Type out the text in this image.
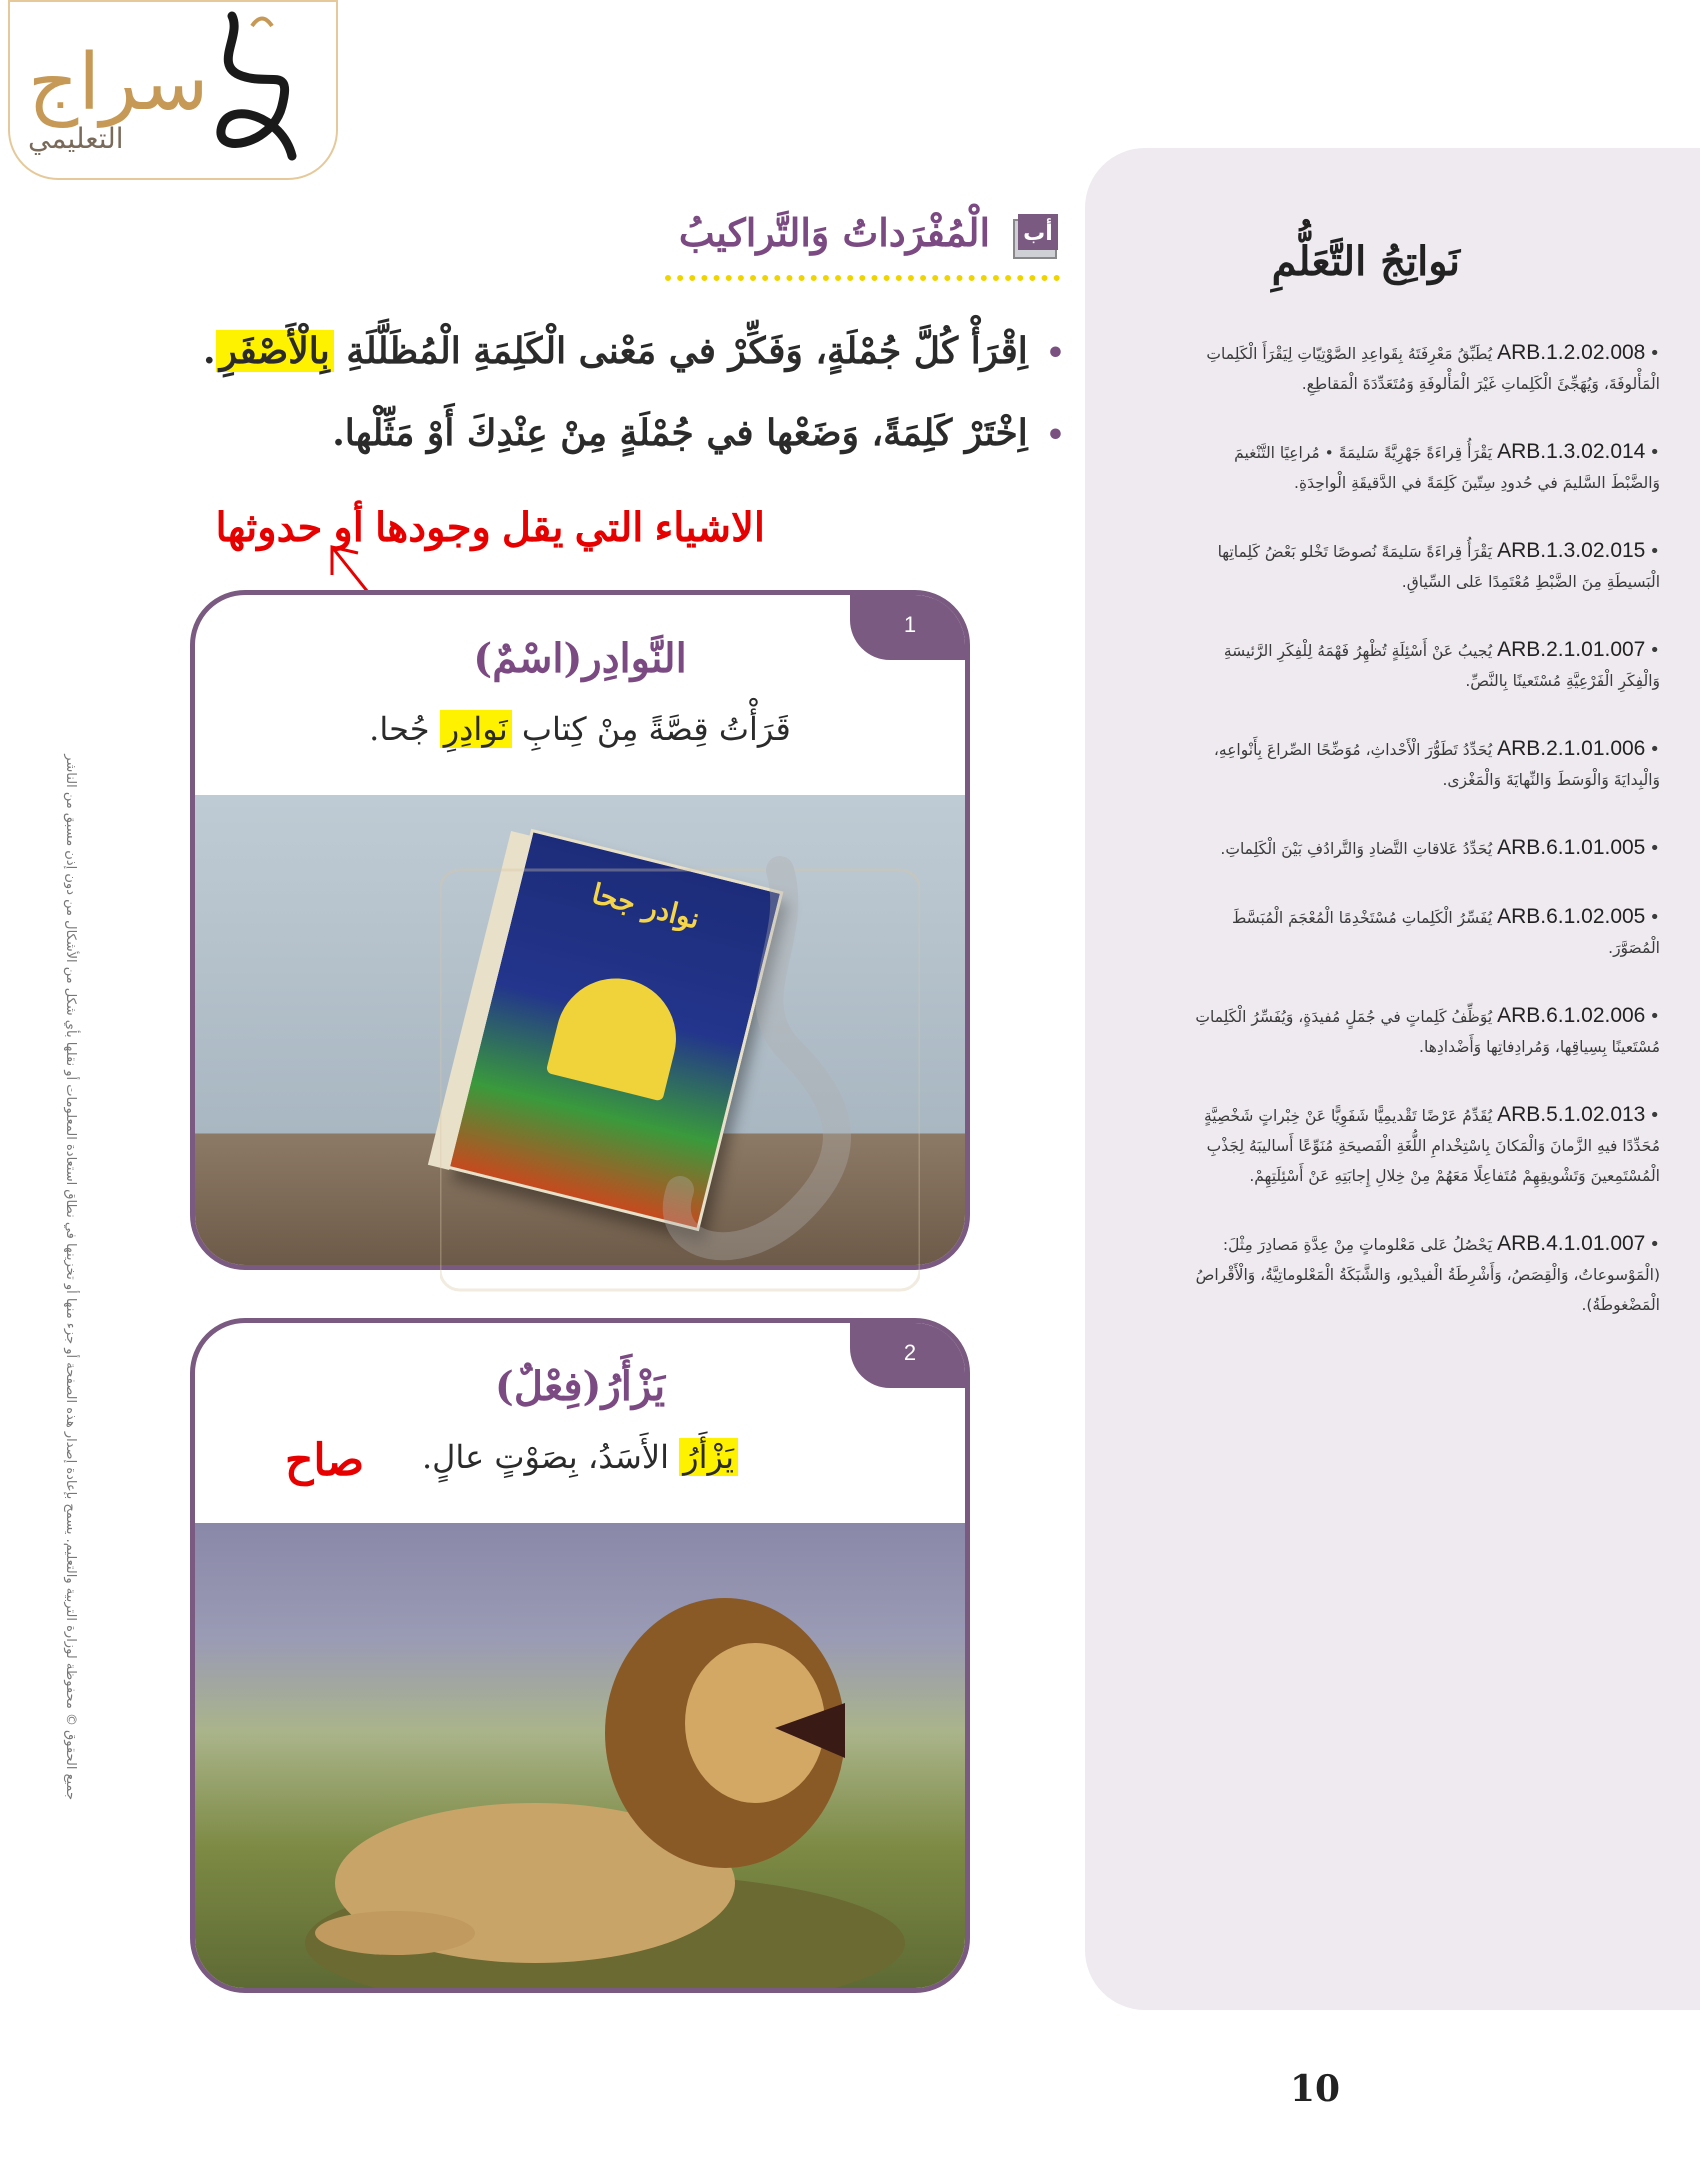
سراج
التعليمي
جميع الحقوق © محفوظة لوزارة التربية والتعليم. يسمح بإعادة إصدار هذه الصفحة أو جزء منها أو تخزينها في نطاق استعادة المعلومات أو نقلها بأي شكل من الأشكال من دون إذن مسبق من الناشر
نَواتِجُ التَّعَلُّمِ
•ARB.1.2.02.008 يُطَبِّقُ مَعْرِفَتَهُ بِقَواعِدِ الصَّوْتِيّاتِ لِيَقْرَأَ الْكَلِماتِ الْمَأْلوفَةَ، وَيُهَجِّئَ الْكَلِماتِ غَيْرَ الْمَأْلوفَةِ وَمُتَعَدِّدَةَ الْمَقاطِعِ.
•ARB.1.3.02.014 يَقْرَأُ قِراءَةً جَهْرِيَّةً سَليمَةً • مُراعِيًا التَّنْغيمَ وَالضَّبْطَ السَّليمَ في حُدودِ سِتّينَ كَلِمَةً في الدَّقيقَةِ الْواحِدَةِ.
•ARB.1.3.02.015 يَقْرَأُ قِراءَةً سَليمَةً نُصوصًا تَخْلو بَعْضُ كَلِماتِها الْبَسيطَةِ مِنَ الضَّبْطِ مُعْتَمِدًا عَلى السِّياقِ.
•ARB.2.1.01.007 يُجيبُ عَنْ أَسْئِلَةٍ تُظْهِرُ فَهْمَهُ لِلْفِكَرِ الرَّئيسَةِ وَالْفِكَرِ الْفَرْعِيَّةِ مُسْتَعينًا بِالنَّصِّ.
•ARB.2.1.01.006 يُحَدِّدُ تَطَوُّرَ الْأَحْداثِ، مُوَضِّحًا الصِّراعَ بِأَنْواعِهِ، وَالْبِدايَةَ وَالْوَسَطَ وَالنِّهايَةَ وَالْمَغْزى.
•ARB.6.1.01.005 يُحَدِّدُ عَلاقاتِ التَّضادِ وَالتَّرادُفِ بَيْنَ الْكَلِماتِ.
•ARB.6.1.02.005 يُفَسِّرُ الْكَلِماتِ مُسْتَخْدِمًا الْمُعْجَمَ الْمُبَسَّطَ الْمُصَوَّرَ.
•ARB.6.1.02.006 يُوَظِّفُ كَلِماتٍ في جُمَلٍ مُفيدَةٍ، وَيُفَسِّرُ الْكَلِماتِ مُسْتَعينًا بِسِياقِها، وَمُرادِفاتِها وَأَضْدادِها.
•ARB.5.1.02.013 يُقَدِّمُ عَرْضًا تَقْديمِيًّا شَفَوِيًّا عَنْ خِبْراتٍ شَخْصِيَّةٍ مُحَدِّدًا فيهِ الزَّمانَ وَالْمَكانَ بِاسْتِخْدامِ اللُّغَةِ الْفَصيحَةِ مُنَوِّعًا أَساليبَهُ لِجَذْبِ الْمُسْتَمِعينَ وَتَشْويقِهِمْ مُتَفاعِلًا مَعَهُمْ مِنْ خِلالِ إِجابَتِهِ عَنْ أَسْئِلَتِهِمْ.
•ARB.4.1.01.007 يَحْصُلُ عَلى مَعْلوماتٍ مِنْ عِدَّةِ مَصادِرَ مِثْلَ: (الْمَوْسوعاتُ، وَالْقِصَصُ، وَأَشْرِطَةُ الْفيدْيو، وَالشَّبَكَةُ الْمَعْلوماتِيَّةُ، وَالْأَقْراصُ الْمَضْغوطَةُ).
أب
الْمُفْرَداتُ وَالتَّراكيبُ
•اِقْرَأْ كُلَّ جُمْلَةٍ، وَفَكِّرْ في مَعْنى الْكَلِمَةِ الْمُظَلَّلَةِ بِالْأَصْفَرِ.
•اِخْتَرْ كَلِمَةً، وَضَعْها في جُمْلَةٍ مِنْ عِنْدِكَ أَوْ مَثِّلْها.
الاشياء التي يقل وجودها أو حدوثها
1
النَّوادِر(اسْمٌ)
قَرَأْتُ قِصَّةً مِنْ كِتابِ نَوادِرِ جُحا.
نوادر جحا
2
يَزْأَرُ(فِعْلٌ)
يَزْأَرُ الأَسَدُ، بِصَوْتٍ عالٍ.
صاح
10
